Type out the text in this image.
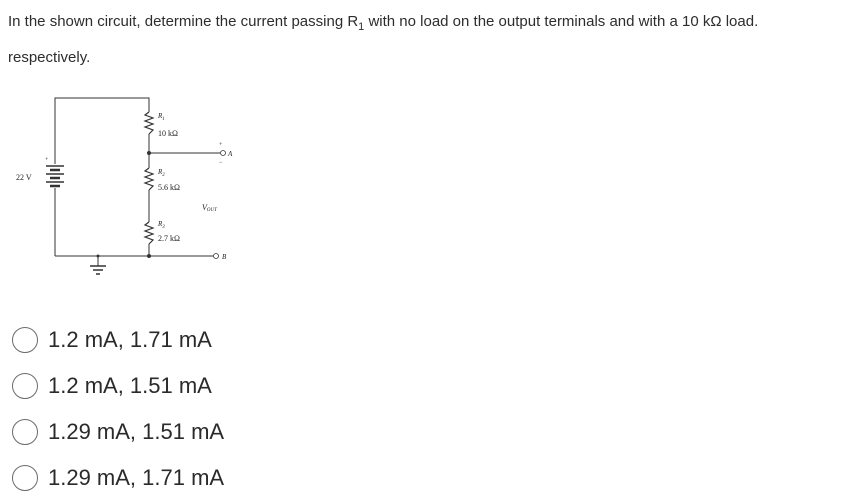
In the shown circuit, determine the current passing $R_1$ with no load on the output terminals and with a 10 kΩ load.
respectively.
22 V
+
$R_1$
10 kΩ
$R_2$
5.6 kΩ
$R_3$
2.7 kΩ
A
+
−
B
VOUT
1.2 mA, 1.71 mA
1.2 mA, 1.51 mA
1.29 mA, 1.51 mA
1.29 mA, 1.71 mA
